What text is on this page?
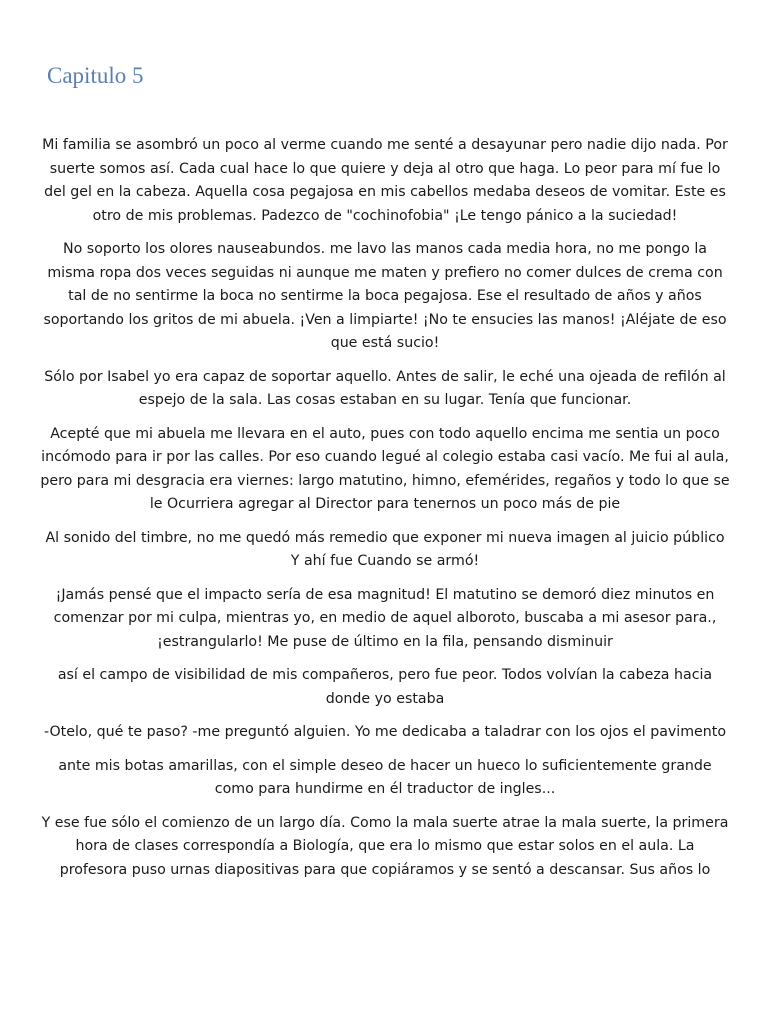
Capitulo 5

Mi familia se asombró un poco al verme cuando me senté a desayunar pero nadie dijo nada. Por suerte somos así. Cada cual hace lo que quiere y deja al otro que haga. Lo peor para mí fue lo del gel en la cabeza. Aquella cosa pegajosa en mis cabellos medaba deseos de vomitar. Este es otro de mis problemas. Padezco de "cochinofobia" ¡Le tengo pánico a la suciedad!

No soporto los olores nauseabundos. me lavo las manos cada media hora, no me pongo la misma ropa dos veces seguidas ni aunque me maten y prefiero no comer dulces de crema con tal de no sentirme la boca no sentirme la boca pegajosa. Ese el resultado de años y años soportando los gritos de mi abuela. ¡Ven a limpiarte! ¡No te ensucies las manos! ¡Aléjate de eso que está sucio!

Sólo por Isabel yo era capaz de soportar aquello. Antes de salir, le eché una ojeada de refilón al espejo de la sala. Las cosas estaban en su lugar. Tenía que funcionar.

Acepté que mi abuela me llevara en el auto, pues con todo aquello encima me sentia un poco incómodo para ir por las calles. Por eso cuando legué al colegio estaba casi vacío. Me fui al aula, pero para mi desgracia era viernes: largo matutino, himno, efemérides, regaños y todo lo que se le Ocurriera agregar al Director para tenernos un poco más de pie

Al sonido del timbre, no me quedó más remedio que exponer mi nueva imagen al juicio público Y ahí fue Cuando se armó!

¡Jamás pensé que el impacto sería de esa magnitud! El matutino se demoró diez minutos en comenzar por mi culpa, mientras yo, en medio de aquel alboroto, buscaba a mi asesor para.,¡estrangularlo! Me puse de último en la fila, pensando disminuir

así el campo de visibilidad de mis compañeros, pero fue peor. Todos volvían la cabeza hacia donde yo estaba

-Otelo, qué te paso? -me preguntó alguien. Yo me dedicaba a taladrar con los ojos el pavimento

ante mis botas amarillas, con el simple deseo de hacer un hueco lo suficientemente grande como para hundirme en él traductor de ingles...

Y ese fue sólo el comienzo de un largo día. Como la mala suerte atrae la mala suerte, la primera hora de clases correspondía a Biología, que era lo mismo que estar solos en el aula. La profesora puso urnas diapositivas para que copiáramos y se sentó a descansar. Sus años lo
